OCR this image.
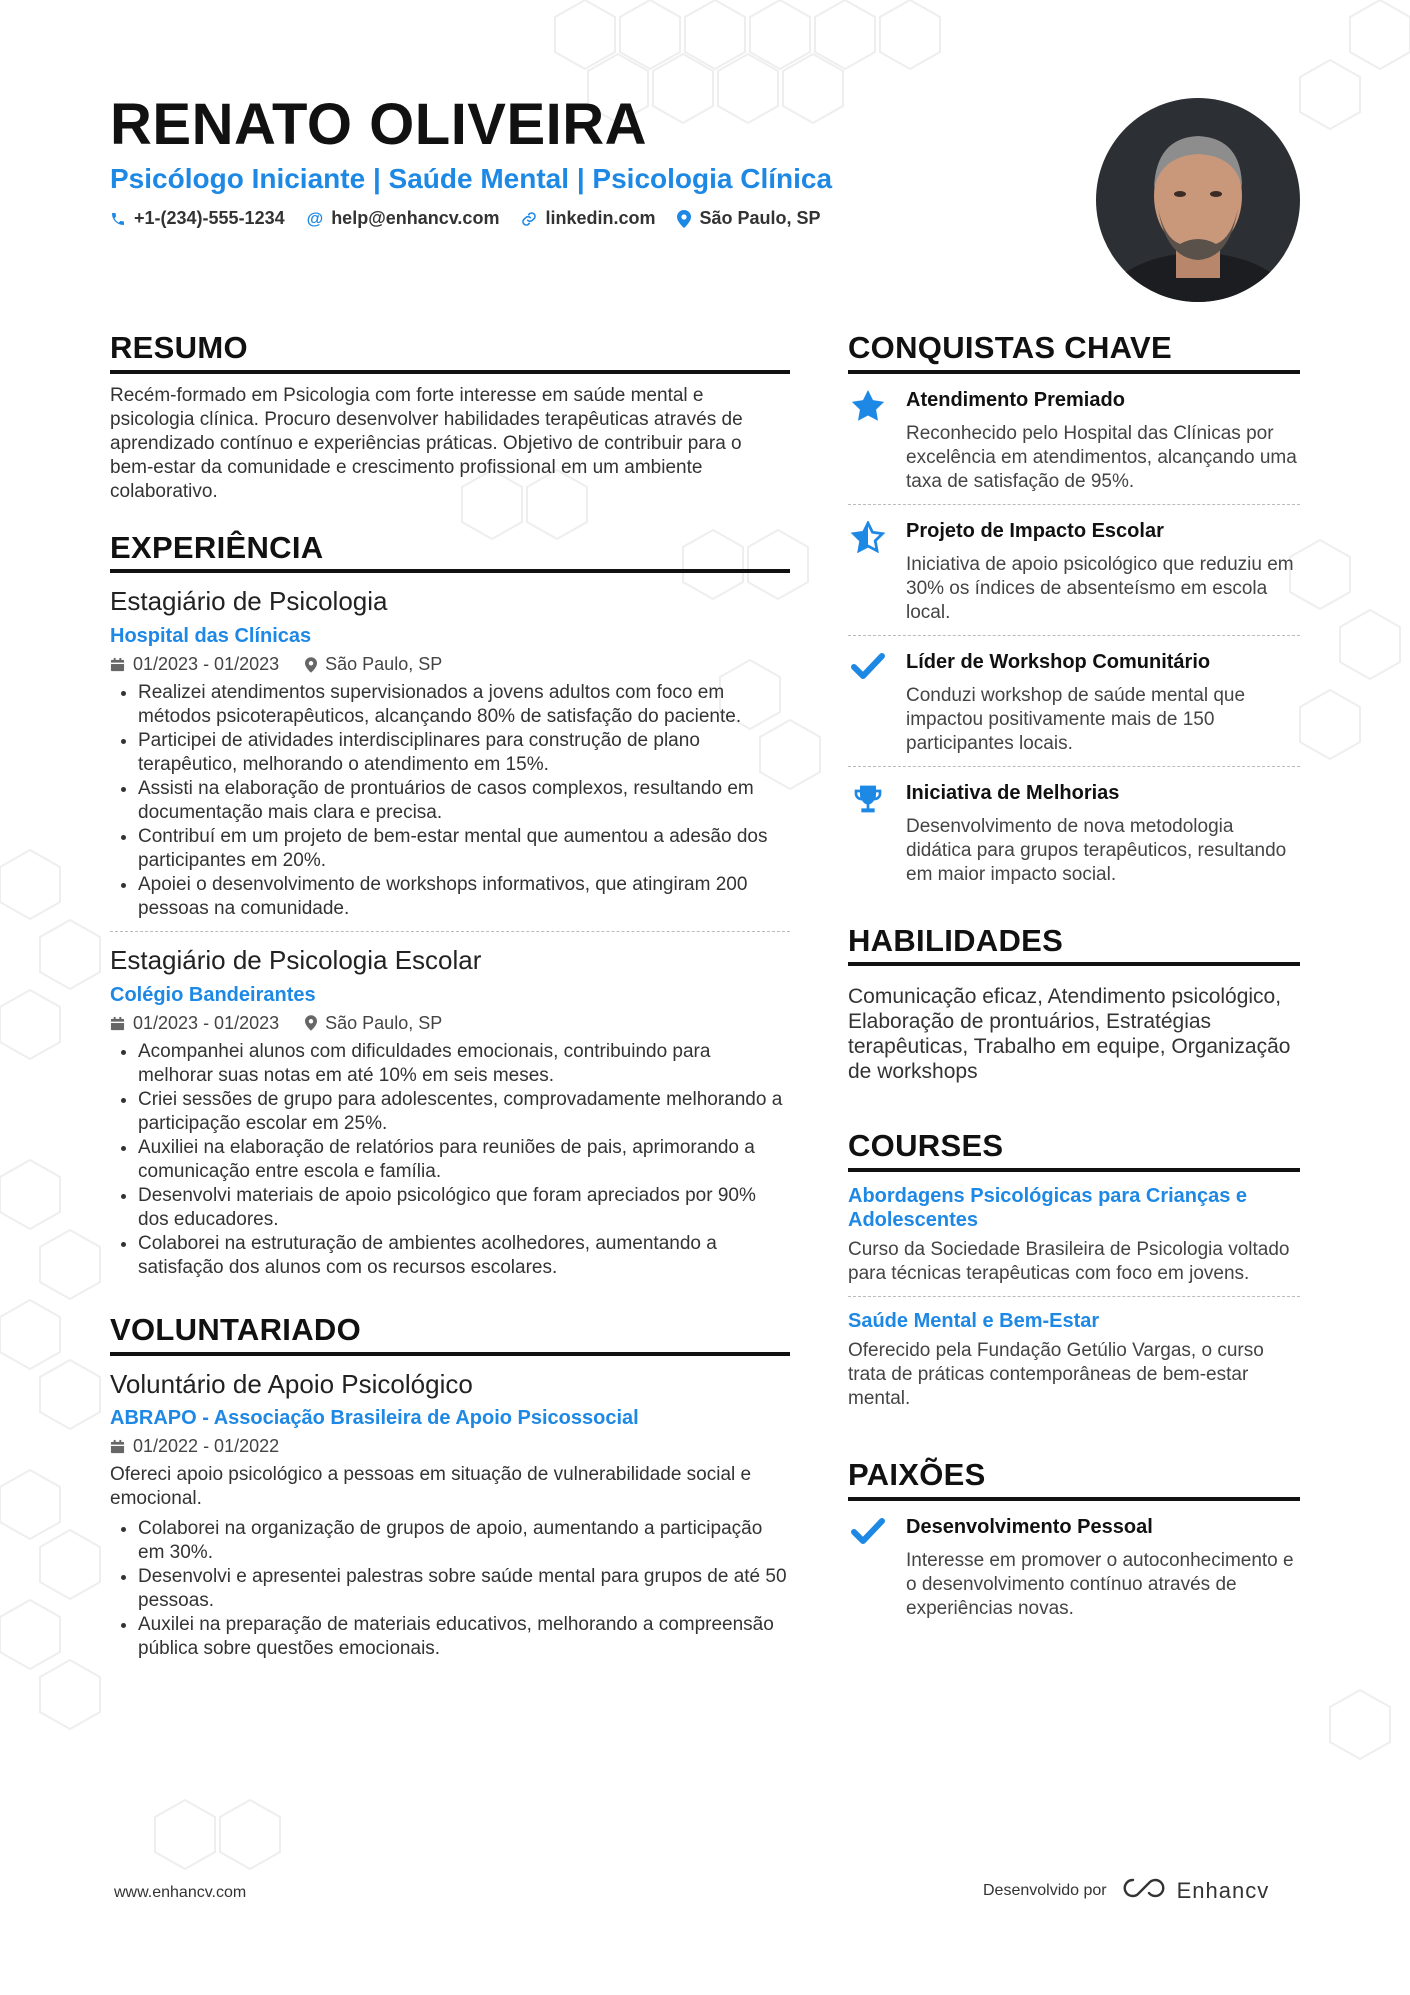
RENATO OLIVEIRA
Psicólogo Iniciante | Saúde Mental | Psicologia Clínica
+1-(234)-555-1234 @ help@enhancv.com	linkedin.com São Paulo, SP
RESUMO
Recém-formado em Psicologia com forte interesse em saúde mental e psicologia clínica. Procuro desenvolver habilidades terapêuticas através de aprendizado contínuo e experiências práticas. Objetivo de contribuir para o bem-estar da comunidade e crescimento profissional em um ambiente colaborativo.
EXPERIÊNCIA
Estagiário de Psicologia
Hospital das Clínicas
01/2023 - 01/2023	São Paulo, SP
• Realizei atendimentos supervisionados a jovens adultos com foco em métodos psicoterapêuticos, alcançando 80% de satisfação do paciente.
• Participei de atividades interdisciplinares para construção de plano terapêutico, melhorando o atendimento em 15%.
• Assisti na elaboração de prontuários de casos complexos, resultando em documentação mais clara e precisa.
• Contribuí em um projeto de bem-estar mental que aumentou a adesão dos participantes em 20%.
• Apoiei o desenvolvimento de workshops informativos, que atingiram 200 pessoas na comunidade.
Estagiário de Psicologia Escolar
Colégio Bandeirantes
01/2023 - 01/2023	São Paulo, SP
• Acompanhei alunos com dificuldades emocionais, contribuindo para melhorar suas notas em até 10% em seis meses.
• Criei sessões de grupo para adolescentes, comprovadamente melhorando a participação escolar em 25%.
• Auxiliei na elaboração de relatórios para reuniões de pais, aprimorando a comunicação entre escola e família.
• Desenvolvi materiais de apoio psicológico que foram apreciados por 90% dos educadores.
• Colaborei na estruturação de ambientes acolhedores, aumentando a satisfação dos alunos com os recursos escolares.
VOLUNTARIADO
Voluntário de Apoio Psicológico
ABRAPO - Associação Brasileira de Apoio Psicossocial
01/2022 - 01/2022
Ofereci apoio psicológico a pessoas em situação de vulnerabilidade social e emocional.
• Colaborei na organização de grupos de apoio, aumentando a participação em 30%.
• Desenvolvi e apresentei palestras sobre saúde mental para grupos de até 50 pessoas.
• Auxilei na preparação de materiais educativos, melhorando a compreensão pública sobre questões emocionais.
CONQUISTAS CHAVE
Atendimento Premiado
Reconhecido pelo Hospital das Clínicas por excelência em atendimentos, alcançando uma taxa de satisfação de 95%.
Projeto de Impacto Escolar
Iniciativa de apoio psicológico que reduziu em 30% os índices de absenteísmo em escola local.
Líder de Workshop Comunitário
Conduzi workshop de saúde mental que impactou positivamente mais de 150 participantes locais.
Iniciativa de Melhorias
Desenvolvimento de nova metodologia didática para grupos terapêuticos, resultando em maior impacto social.
HABILIDADES
Comunicação eficaz, Atendimento psicológico, Elaboração de prontuários, Estratégias terapêuticas, Trabalho em equipe, Organização de workshops
COURSES
Abordagens Psicológicas para Crianças e Adolescentes
Curso da Sociedade Brasileira de Psicologia voltado para técnicas terapêuticas com foco em jovens.
Saúde Mental e Bem-Estar
Oferecido pela Fundação Getúlio Vargas, o curso trata de práticas contemporâneas de bem-estar mental.
PAIXÕES
Desenvolvimento Pessoal
Interesse em promover o autoconhecimento e o desenvolvimento contínuo através de experiências novas.
www.enhancv.com	Desenvolvido por	Enhancv
